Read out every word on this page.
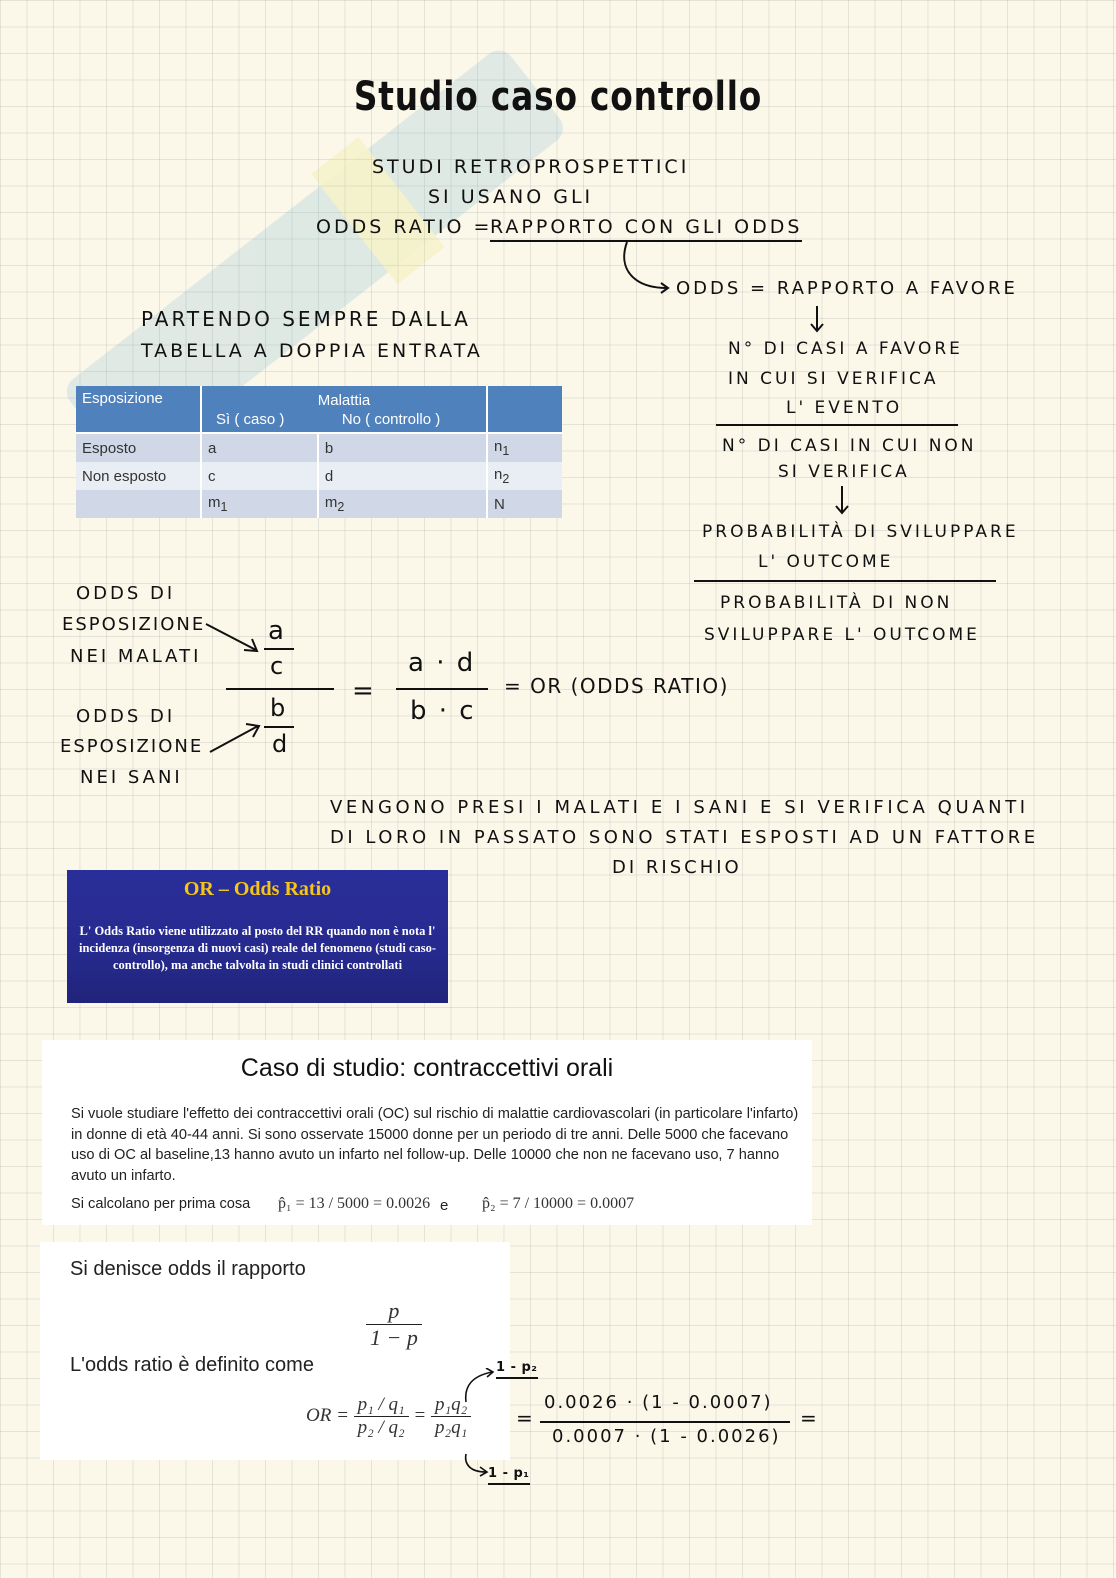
Studio caso controllo
STUDI RETROPROSPETTICI
SI USANO GLI
ODDS RATIO =
RAPPORTO CON GLI ODDS
ODDS = RAPPORTO A FAVORE
N° DI CASI A FAVORE
IN CUI SI VERIFICA
L' EVENTO
N° DI CASI IN CUI NON
SI VERIFICA
PROBABILITÀ DI SVILUPPARE
L' OUTCOME
PROBABILITÀ DI NON
SVILUPPARE L' OUTCOME
PARTENDO SEMPRE DALLA
TABELLA A DOPPIA ENTRATA
Esposizione	Malattia		
	Sì ( caso )	No ( controllo )	
Esposto	a	b	$n_1$
Non esposto	c	d	$n_2$
	$m_1$	$m_2$	N
ODDS DI
ESPOSIZIONE
NEI MALATI
ODDS DI
ESPOSIZIONE
NEI SANI
a
c
b
d
=
a · d
b · c
= OR (ODDS RATIO)
VENGONO PRESI I MALATI E I SANI E SI VERIFICA QUANTI
DI LORO IN PASSATO SONO STATI ESPOSTI AD UN FATTORE
DI RISCHIO
OR – Odds Ratio
L' Odds Ratio viene utilizzato al posto del RR quando non è nota l' incidenza (insorgenza di nuovi casi) reale del fenomeno (studi caso-controllo), ma anche talvolta in studi clinici controllati
Caso di studio: contraccettivi orali
Si vuole studiare l'effetto dei contraccettivi orali (OC) sul rischio di malattie cardiovascolari (in particolare l'infarto) in donne di età 40-44 anni. Si sono osservate 15000 donne per un periodo di tre anni. Delle 5000 che facevano uso di OC al baseline,13 hanno avuto un infarto nel follow-up. Delle 10000 che non ne facevano uso, 7 hanno avuto un infarto.
Si calcolano per prima cosa p̂₁ = 13 / 5000 = 0.0026 e p̂₂ = 7 / 10000 = 0.0007
Si denisce odds il rapporto
$\frac{p}{1 - p}$
L'odds ratio è definito come
OR = $\frac{\text{p₁ / q₁}}{\text{p₂ / q₂}} = \frac{\text{p₁q₂}}{\text{p₂q₁}}$
1 - p₂
1 - p₁
=
0.0026 · (1 - 0.0007)
0.0007 · (1 - 0.0026)
=
